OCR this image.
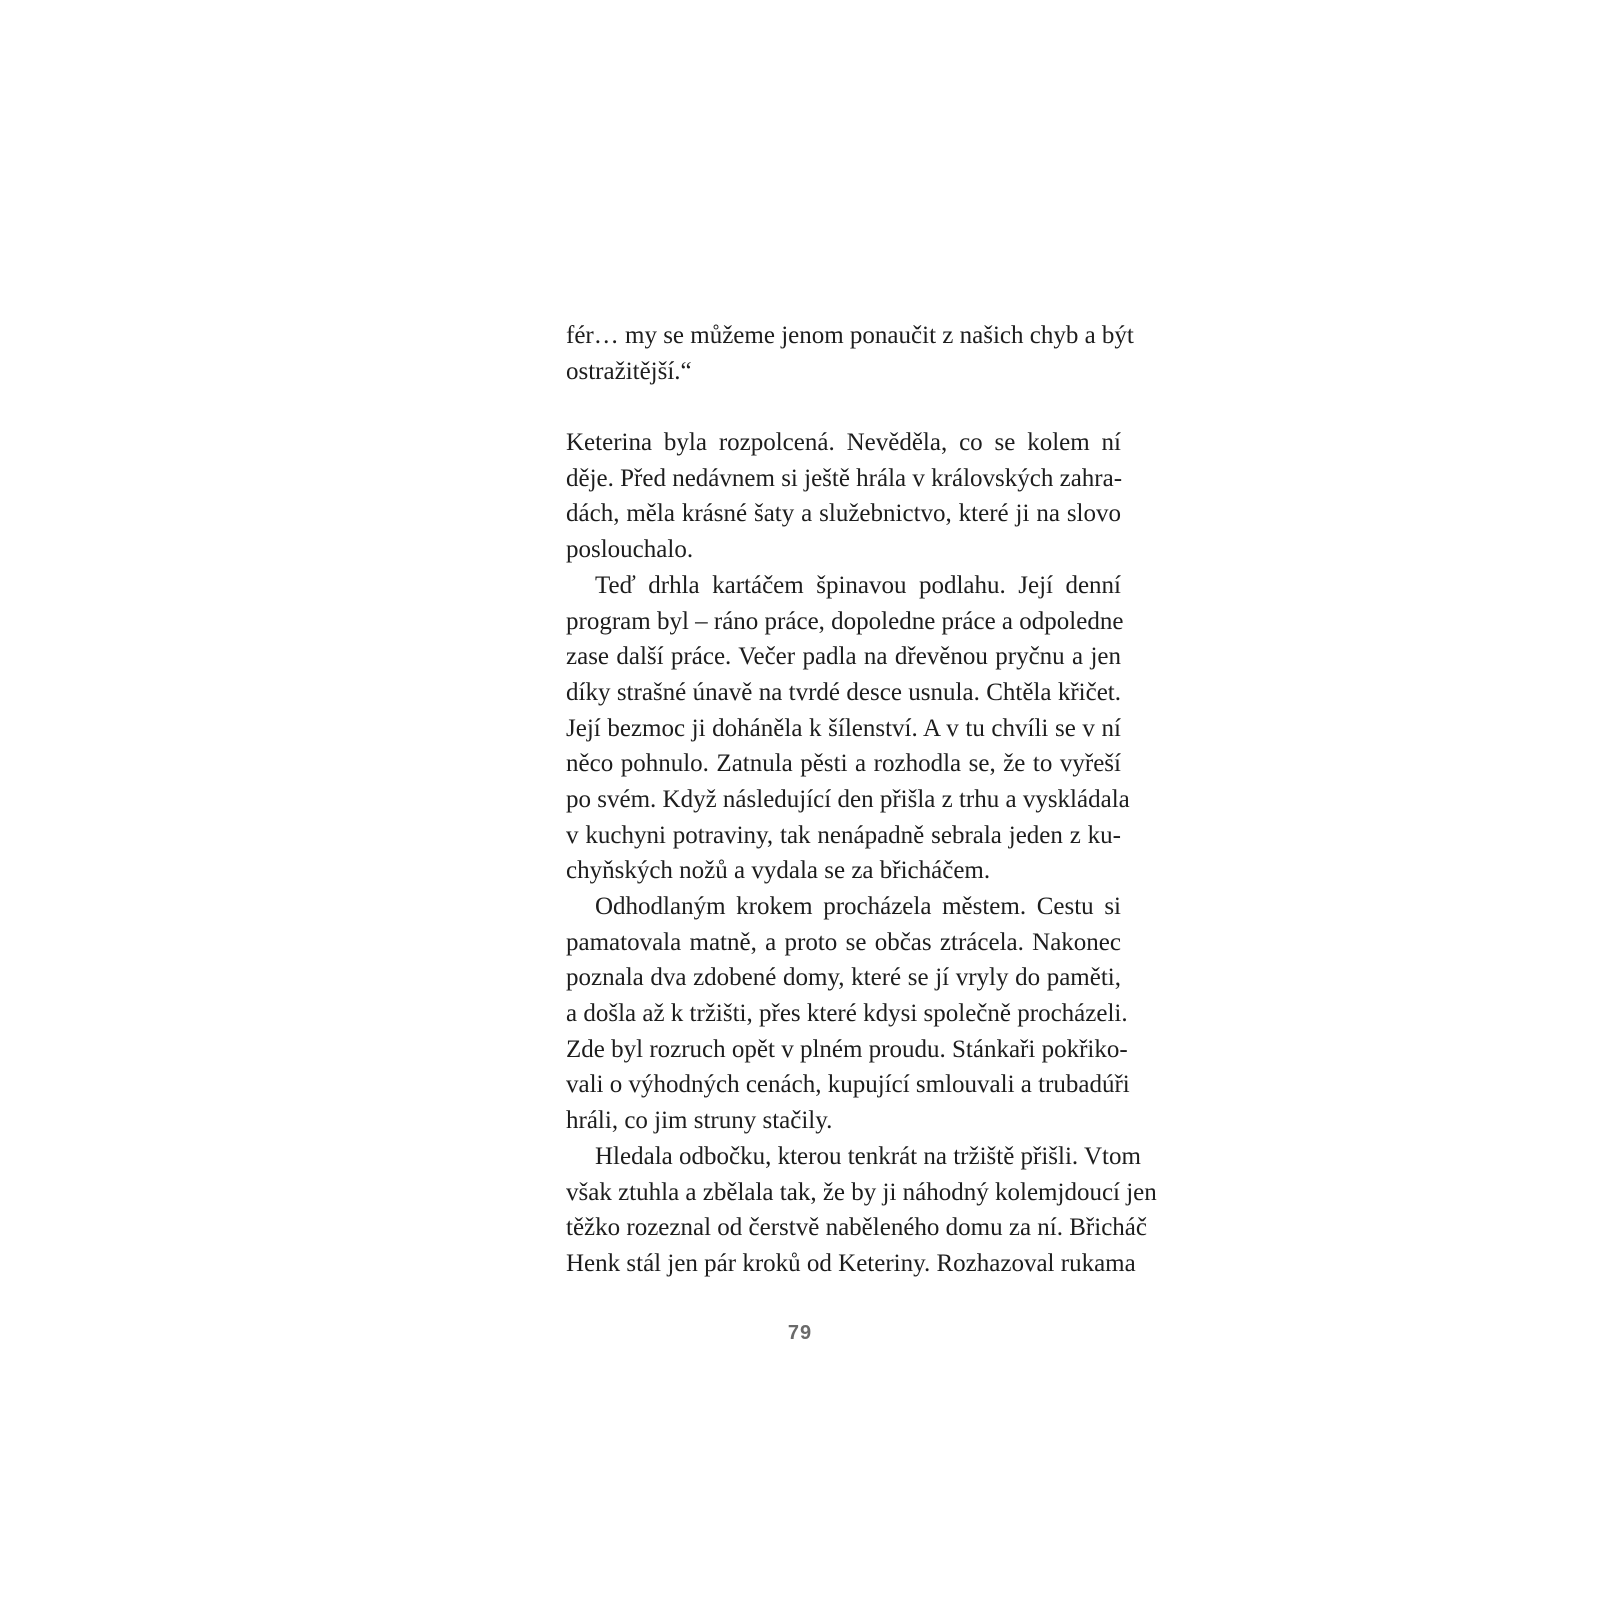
fér… my se můžeme jenom ponaučit z našich chyb a být
ostražitější.“
Keterina byla rozpolcená. Nevěděla, co se kolem ní
děje. Před nedávnem si ještě hrála v královských zahra-
dách, měla krásné šaty a služebnictvo, které ji na slovo
poslouchalo.
Teď drhla kartáčem špinavou podlahu. Její denní
program byl – ráno práce, dopoledne práce a odpoledne
zase další práce. Večer padla na dřevěnou pryčnu a jen
díky strašné únavě na tvrdé desce usnula. Chtěla křičet.
Její bezmoc ji doháněla k šílenství. A v tu chvíli se v ní
něco pohnulo. Zatnula pěsti a rozhodla se, že to vyřeší
po svém. Když následující den přišla z trhu a vyskládala
v kuchyni potraviny, tak nenápadně sebrala jeden z ku-
chyňských nožů a vydala se za břicháčem.
Odhodlaným krokem procházela městem. Cestu si
pamatovala matně, a proto se občas ztrácela. Nakonec
poznala dva zdobené domy, které se jí vryly do paměti,
a došla až k tržišti, přes které kdysi společně procházeli.
Zde byl rozruch opět v plném proudu. Stánkaři pokřiko-
vali o výhodných cenách, kupující smlouvali a trubadúři
hráli, co jim struny stačily.
Hledala odbočku, kterou tenkrát na tržiště přišli. Vtom
však ztuhla a zbělala tak, že by ji náhodný kolemjdoucí jen
těžko rozeznal od čerstvě naběleného domu za ní. Břicháč
Henk stál jen pár kroků od Keteriny. Rozhazoval rukama
79
